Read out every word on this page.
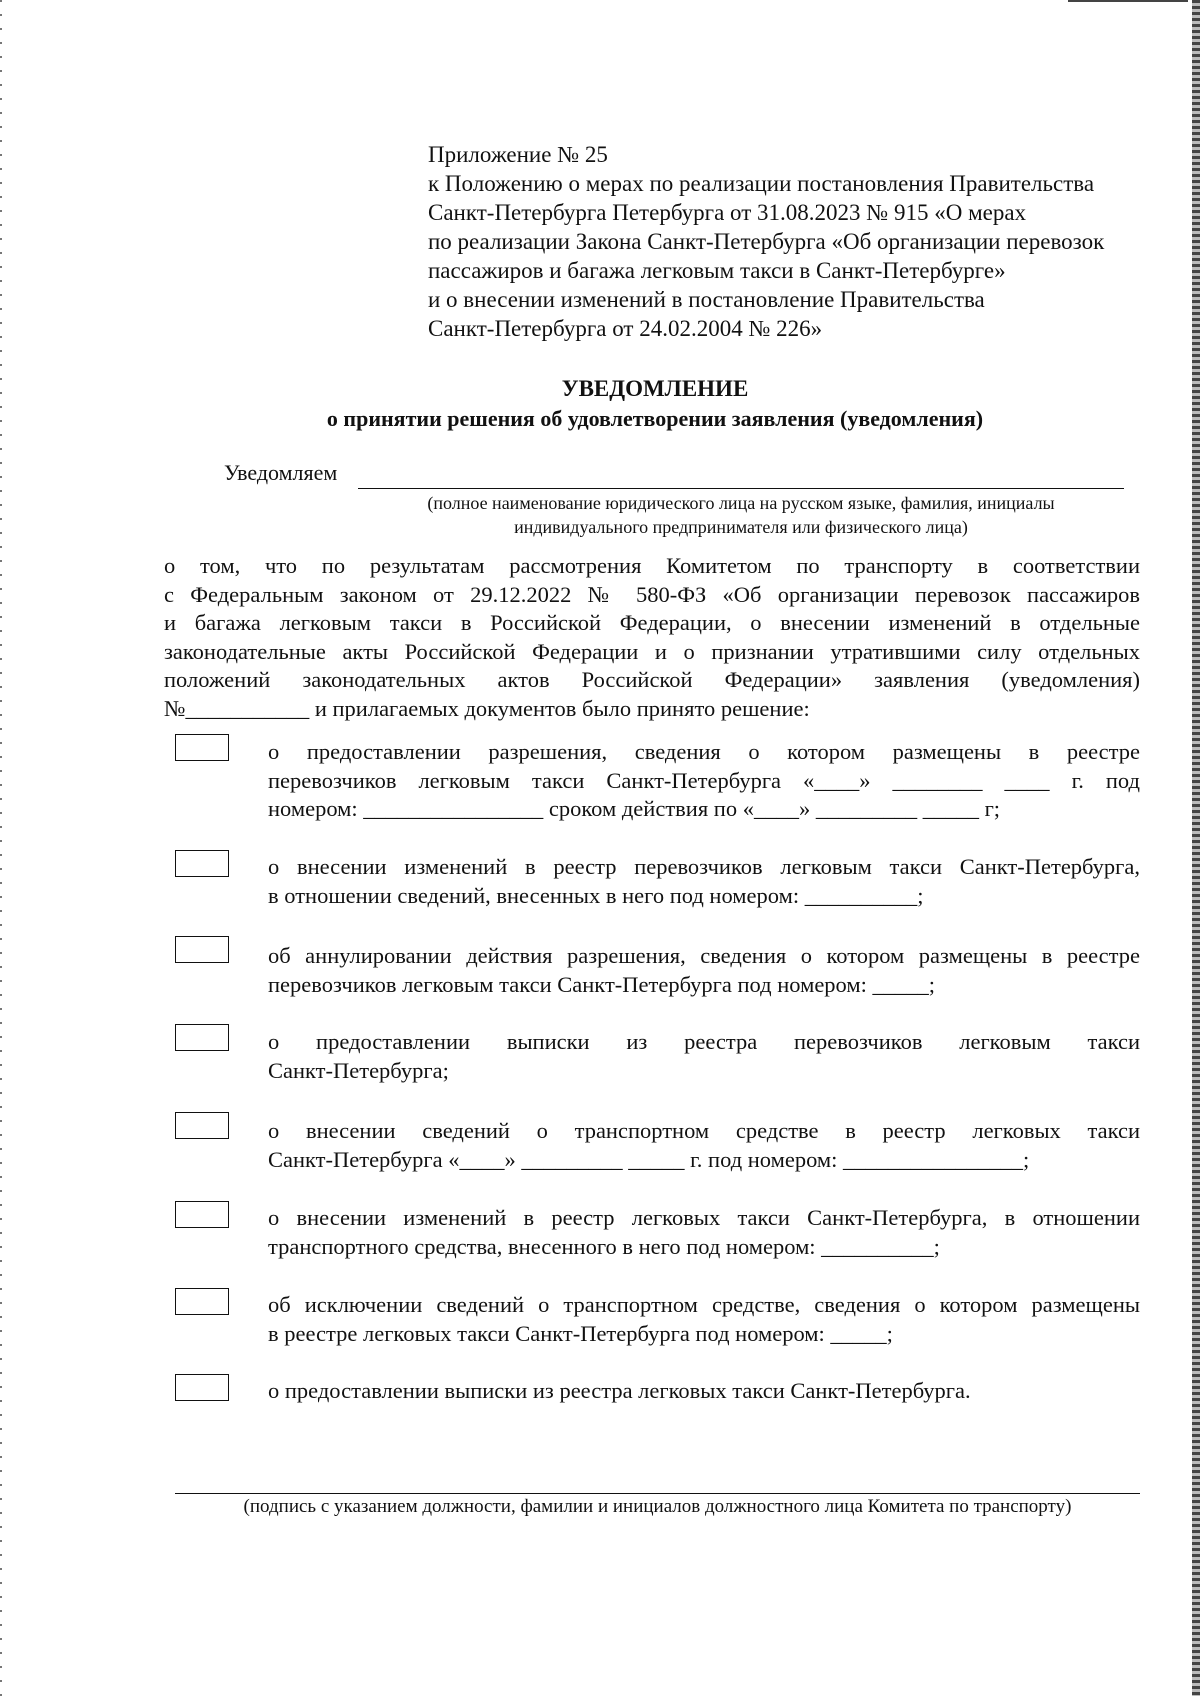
Приложение № 25
к Положению о мерах по реализации постановления Правительства
Санкт-Петербурга Петербурга от 31.08.2023 № 915 «О мерах
по реализации Закона Санкт-Петербурга «Об организации перевозок
пассажиров и багажа легковым такси в Санкт-Петербурге»
и о внесении изменений в постановление Правительства
Санкт-Петербурга от 24.02.2004 № 226»
УВЕДОМЛЕНИЕ
о принятии решения об удовлетворении заявления (уведомления)
Уведомляем
(полное наименование юридического лица на русском языке, фамилия, инициалы
индивидуального предпринимателя или физического лица)
о том, что по результатам рассмотрения Комитетом по транспорту в соответствии
с Федеральным законом от 29.12.2022 № 580-ФЗ «Об организации перевозок пассажиров
и багажа легковым такси в Российской Федерации, о внесении изменений в отдельные
законодательные акты Российской Федерации и о признании утратившими силу отдельных
положений законодательных актов Российской Федерации» заявления (уведомления)
№___________ и прилагаемых документов было принято решение:
о предоставлении разрешения, сведения о котором размещены в реестре
перевозчиков легковым такси Санкт-Петербурга «____» ________ ____ г. под
номером: ________________ сроком действия по «____» _________ _____ г;
о внесении изменений в реестр перевозчиков легковым такси Санкт-Петербурга,
в отношении сведений, внесенных в него под номером: __________;
об аннулировании действия разрешения, сведения о котором размещены в реестре
перевозчиков легковым такси Санкт-Петербурга под номером: _____;
о предоставлении выписки из реестра перевозчиков легковым такси
Санкт-Петербурга;
о внесении сведений о транспортном средстве в реестр легковых такси
Санкт-Петербурга «____» _________ _____ г. под номером: ________________;
о внесении изменений в реестр легковых такси Санкт-Петербурга, в отношении
транспортного средства, внесенного в него под номером: __________;
об исключении сведений о транспортном средстве, сведения о котором размещены
в реестре легковых такси Санкт-Петербурга под номером: _____;
о предоставлении выписки из реестра легковых такси Санкт-Петербурга.
(подпись с указанием должности, фамилии и инициалов должностного лица Комитета по транспорту)
